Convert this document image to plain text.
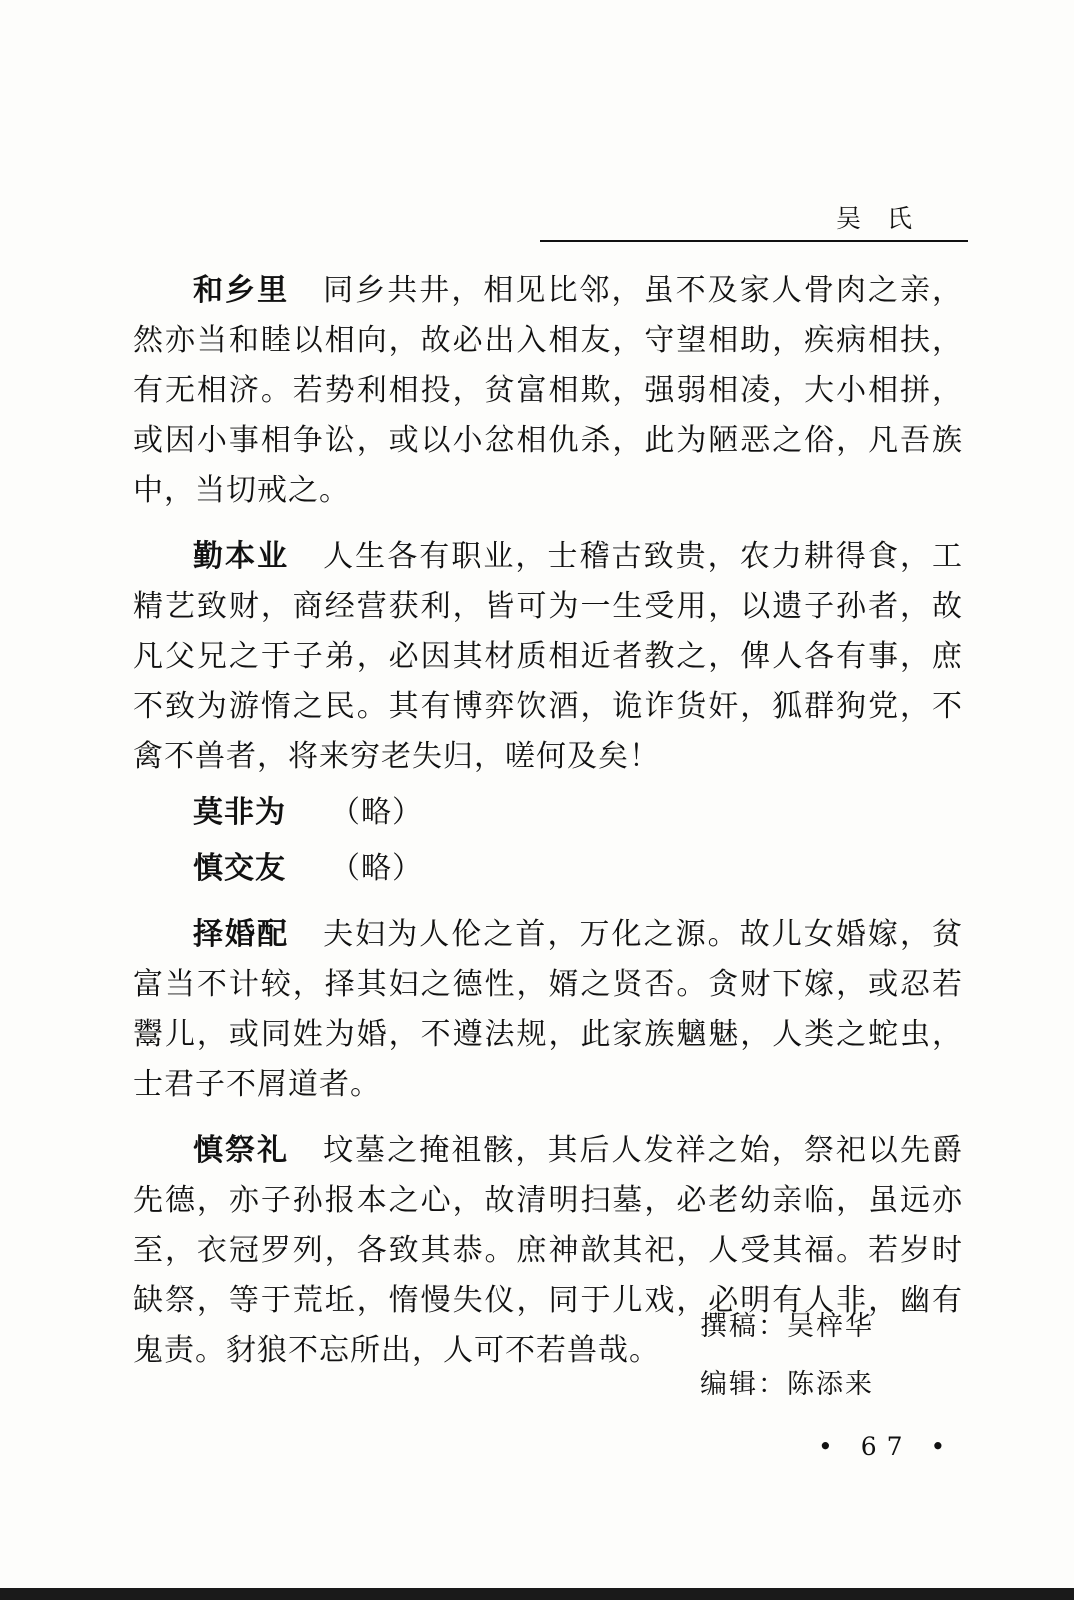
吴氏

和乡里 同乡共井，相见比邻，虽不及家人骨肉之亲，然亦当和睦以相向，故必出入相友，守望相助，疾病相扶，有无相济。若势利相投，贫富相欺，强弱相凌，大小相拼，或因小事相争讼，或以小忿相仇杀，此为陋恶之俗，凡吾族中，当切戒之。

勤本业 人生各有职业，士稽古致贵，农力耕得食，工精艺致财，商经营获利，皆可为一生受用，以遗子孙者，故凡父兄之于子弟，必因其材质相近者教之，俾人各有事，庶不致为游惰之民。其有博弈饮酒，诡诈货奸，狐群狗党，不禽不兽者，将来穷老失归，嗟何及矣！

莫非为 （略）

慎交友 （略）

择婚配 夫妇为人伦之首，万化之源。故儿女婚嫁，贫富当不计较，择其妇之德性，婿之贤否。贪财下嫁，或忍若鬻儿，或同姓为婚，不遵法规，此家族魑魅，人类之蛇虫，士君子不屑道者。

慎祭礼 坟墓之掩祖骸，其后人发祥之始，祭祀以先爵先德，亦子孙报本之心，故清明扫墓，必老幼亲临，虽远亦至，衣冠罗列，各致其恭。庶神歆其祀，人受其福。若岁时缺祭，等于荒坵，惰慢失仪，同于儿戏，必明有人非，幽有鬼责。豺狼不忘所出，人可不若兽哉。

撰稿：吴梓华
编辑：陈添来
• 67 •
